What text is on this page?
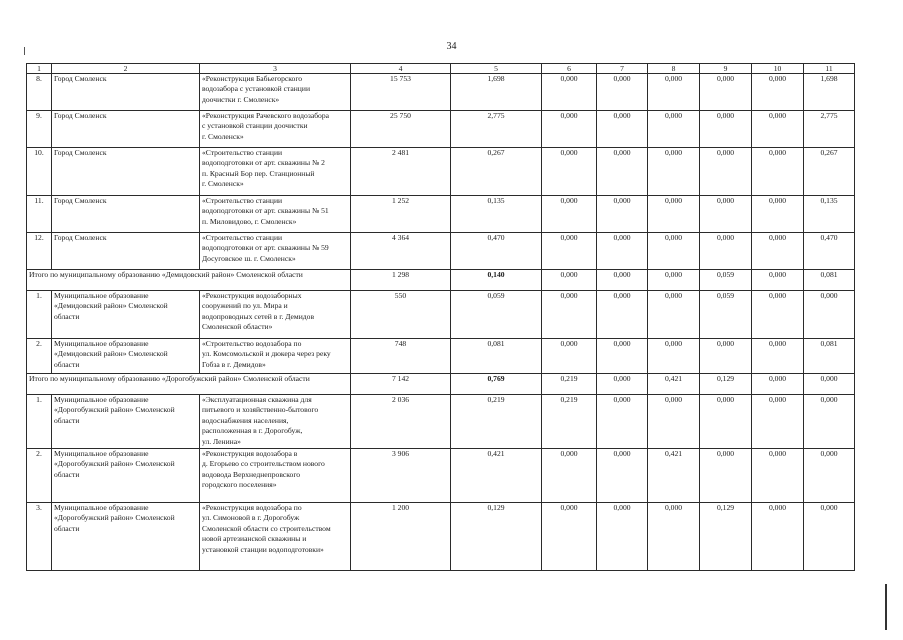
34
1	2	3	4	5	6	7	8	9	10	11
8.	Город Смоленск	«Реконструкция Бабьегорского
водозабора с установкой станции
доочистки г. Смоленск»	15 753	1,698	0,000	0,000	0,000	0,000	0,000	1,698
9.	Город Смоленск	«Реконструкция Рачевского водозабора
с установкой станции доочистки
г. Смоленск»	25 750	2,775	0,000	0,000	0,000	0,000	0,000	2,775
10.	Город Смоленск	«Строительство станции
водоподготовки от арт. скважины № 2
п. Красный Бор пер. Станционный
г. Смоленск»	2 481	0,267	0,000	0,000	0,000	0,000	0,000	0,267
11.	Город Смоленск	«Строительство станции
водоподготовки от арт. скважины № 51
п. Миловидово, г. Смоленск»	1 252	0,135	0,000	0,000	0,000	0,000	0,000	0,135
12.	Город Смоленск	«Строительство станции
водоподготовки от арт. скважины № 59
Досуговское ш. г. Смоленск»	4 364	0,470	0,000	0,000	0,000	0,000	0,000	0,470
Итого по муниципальному образованию «Демидовский район» Смоленской области			1 298	0,140	0,000	0,000	0,000	0,059	0,000	0,081
1.	Муниципальное образование
«Демидовский район» Смоленской
области	«Реконструкция водозаборных
сооружений по ул. Мира и
водопроводных сетей в г. Демидов
Смоленской области»	550	0,059	0,000	0,000	0,000	0,059	0,000	0,000
2.	Муниципальное образование
«Демидовский район» Смоленской
области	«Строительство водозабора по
ул. Комсомольской и дюкера через реку
Гобза в г. Демидов»	748	0,081	0,000	0,000	0,000	0,000	0,000	0,081
Итого по муниципальному образованию «Дорогобужский район» Смоленской области			7 142	0,769	0,219	0,000	0,421	0,129	0,000	0,000
1.	Муниципальное образование
«Дорогобужский район» Смоленской
области	«Эксплуатационная скважина для
питьевого и хозяйственно-бытового
водоснабжения населения,
расположенная в г. Дорогобуж,
ул. Ленина»	2 036	0,219	0,219	0,000	0,000	0,000	0,000	0,000
2.	Муниципальное образование
«Дорогобужский район» Смоленской
области	«Реконструкция водозабора в
д. Егорьево со строительством нового
водовода Верхнеднепровского
городского поселения»	3 906	0,421	0,000	0,000	0,421	0,000	0,000	0,000
3.	Муниципальное образование
«Дорогобужский район» Смоленской
области	«Реконструкция водозабора по
ул. Симоновой в г. Дорогобуж
Смоленской области со строительством
новой артезианской скважины и
установкой станции водоподготовки»	1 200	0,129	0,000	0,000	0,000	0,129	0,000	0,000
